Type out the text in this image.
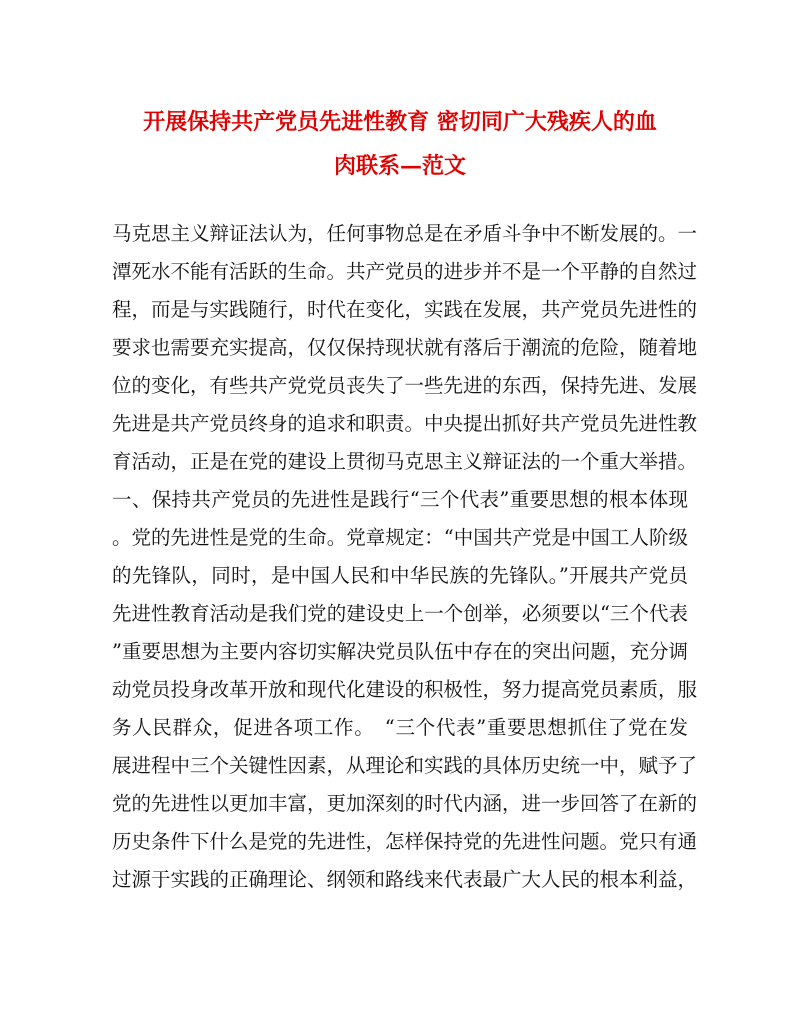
开展保持共产党员先进性教育 密切同广大残疾人的血
肉联系—范文
马克思主义辩证法认为，任何事物总是在矛盾斗争中不断发展的。一
潭死水不能有活跃的生命。共产党员的进步并不是一个平静的自然过
程，而是与实践随行，时代在变化，实践在发展，共产党员先进性的
要求也需要充实提高，仅仅保持现状就有落后于潮流的危险，随着地
位的变化，有些共产党党员丧失了一些先进的东西，保持先进、发展
先进是共产党员终身的追求和职责。中央提出抓好共产党员先进性教
育活动，正是在党的建设上贯彻马克思主义辩证法的一个重大举措。
一、保持共产党员的先进性是践行“三个代表”重要思想的根本体现
。党的先进性是党的生命。党章规定：“中国共产党是中国工人阶级
的先锋队，同时，是中国人民和中华民族的先锋队。”开展共产党员
先进性教育活动是我们党的建设史上一个创举，必须要以“三个代表
”重要思想为主要内容切实解决党员队伍中存在的突出问题，充分调
动党员投身改革开放和现代化建设的积极性，努力提高党员素质，服
务人民群众，促进各项工作。　“三个代表”重要思想抓住了党在发
展进程中三个关键性因素，从理论和实践的具体历史统一中，赋予了
党的先进性以更加丰富，更加深刻的时代内涵，进一步回答了在新的
历史条件下什么是党的先进性，怎样保持党的先进性问题。党只有通
过源于实践的正确理论、纲领和路线来代表最广大人民的根本利益，
